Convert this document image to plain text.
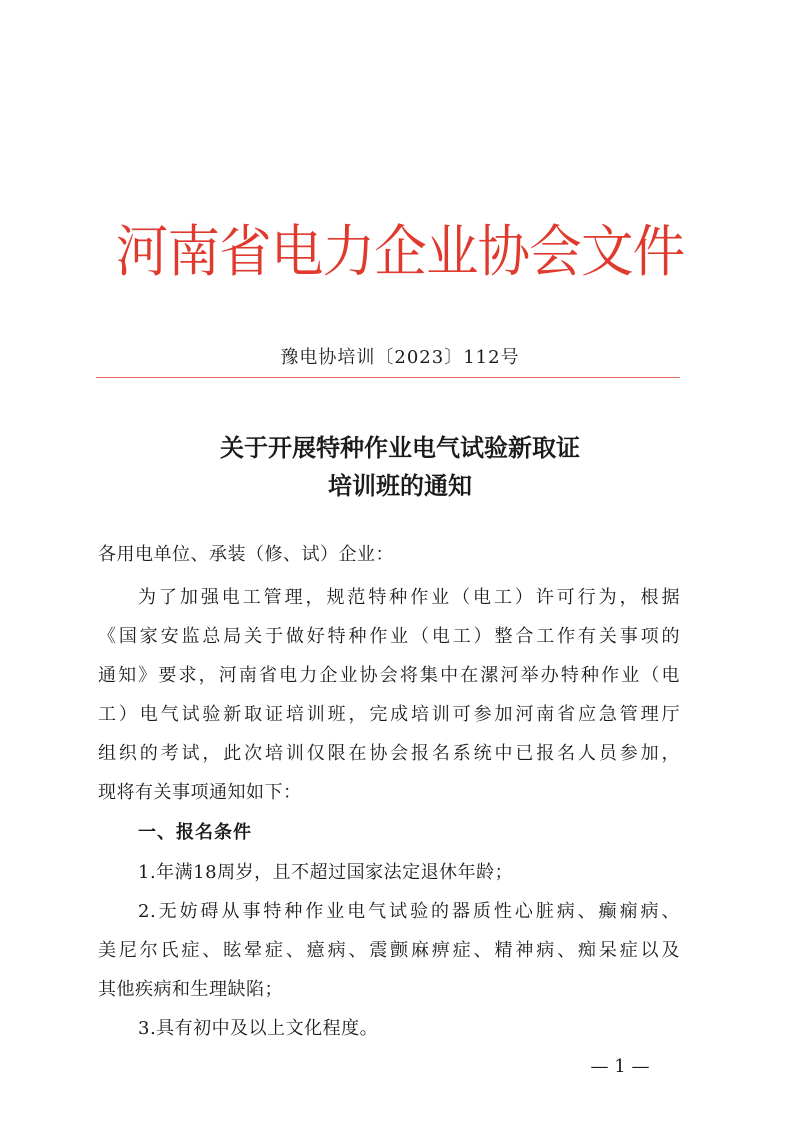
河南省电力企业协会文件
豫电协培训〔2023〕112号
关于开展特种作业电气试验新取证
培训班的通知
各用电单位、承装（修、试）企业：
为了加强电工管理，规范特种作业（电工）许可行为，根据
《国家安监总局关于做好特种作业（电工）整合工作有关事项的
通知》要求，河南省电力企业协会将集中在漯河举办特种作业（电
工）电气试验新取证培训班，完成培训可参加河南省应急管理厅
组织的考试，此次培训仅限在协会报名系统中已报名人员参加，
现将有关事项通知如下：
一、报名条件
1.年满18周岁，且不超过国家法定退休年龄；
2.无妨碍从事特种作业电气试验的器质性心脏病、癫痫病、
美尼尔氏症、眩晕症、癔病、震颤麻痹症、精神病、痴呆症以及
其他疾病和生理缺陷；
3.具有初中及以上文化程度。
— 1 —
